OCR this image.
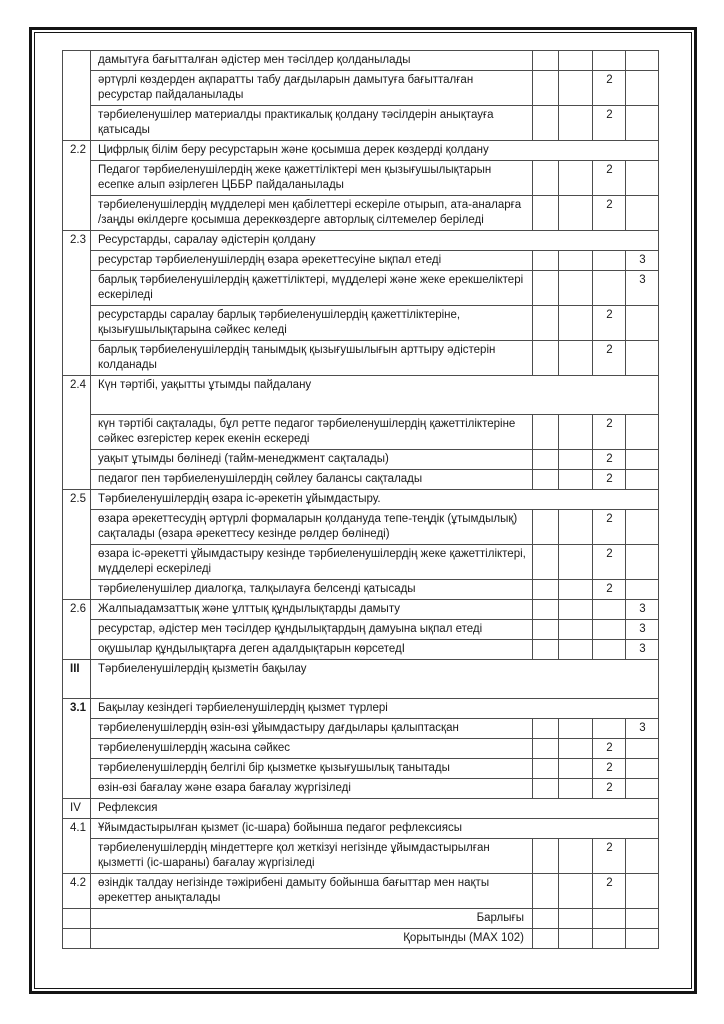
	дамытуға бағытталған әдістер мен тәсілдер қолданылады				
	әртүрлі көздерден ақпаратты табу дағдыларын дамытуға бағытталған ресурстар пайдаланылады			2	
	тәрбиеленушілер материалды практикалық қолдану тәсілдерін анықтауға қатысады			2	
2.2	Цифрлық білім беру ресурстарын және қосымша дерек көздерді қолдану				
	Педагог тәрбиеленушілердің жеке қажеттіліктері мен қызығушылықтарын есепке алып әзірлеген ЦББР пайдаланылады			2	
	тәрбиеленушілердің мүдделері мен қабілеттері ескеріле отырып, ата-аналарға /заңды өкілдерге қосымша дереккөздерге авторлық сілтемелер беріледі			2	
2.3	Ресурстарды, саралау әдістерін қолдану				
	ресурстар тәрбиеленушілердің өзара әрекеттесуіне ықпал етеді				3
	барлық тәрбиеленушілердің қажеттіліктері, мүдделері және жеке ерекшеліктері ескеріледі				3
	ресурстарды саралау барлық тәрбиеленушілердің қажеттіліктеріне, қызығушылықтарына сәйкес келеді			2	
	барлық тәрбиеленушілердің танымдық қызығушылығын арттыру әдістерін колданады			2	
2.4	Күн тәртібі, уақытты ұтымды пайдалану				
	күн тәртібі сақталады, бұл ретте педагог тәрбиеленушілердің қажеттіліктеріне сәйкес өзгерістер керек екенін ескереді			2	
	уақыт ұтымды бөлінеді (тайм-менеджмент сақталады)			2	
	педагог пен тәрбиеленушілердің сөйлеу балансы сақталады			2	
2.5	Тәрбиеленушілердің өзара іс-әрекетін ұйымдастыру.				
	өзара әрекеттесудің әртүрлі формаларын қолдануда тепе-теңдік (ұтымдылық) сақталады (өзара әрекеттесу кезінде рөлдер бөлінеді)			2	
	өзара іс-әрекетті ұйымдастыру кезінде тәрбиеленушілердің жеке қажеттіліктері, мүдделері ескеріледі			2	
	тәрбиеленушілер диалогқа, талқылауға белсенді қатысады			2	
2.6	Жалпыадамзаттық және ұлттық құндылықтарды дамыту				3
	ресурстар, әдістер мен тәсілдер құндылықтардың дамуына ықпал етеді				3
	оқушылар құндылықтарға деген адалдықтарын көрсетедІ				3
III	Тәрбиеленушілердің қызметін бақылау				
3.1	Бақылау кезіндегі тәрбиеленушілердің қызмет түрлері				
	тәрбиеленушілердің өзін-өзі ұйымдастыру дағдылары қалыптасқан				3
	тәрбиеленушілердің жасына сәйкес			2	
	тәрбиеленушілердің белгілі бір қызметке қызығушылық танытады			2	
	өзін-өзі бағалау және өзара бағалау жүргізіледі			2	
IV	Рефлексия				
4.1	Ұйымдастырылған қызмет (іс-шара) бойынша педагог рефлексиясы				
	тәрбиеленушілердің міндеттерге қол жеткізуі негізінде ұйымдастырылған қызметті (іс-шараны) бағалау жүргізіледі			2	
4.2	өзіндік талдау негізінде тәжірибені дамыту бойынша бағыттар мен нақты әрекеттер анықталады			2	
	Барлығы				
	Қорытынды (MAX 102)				
